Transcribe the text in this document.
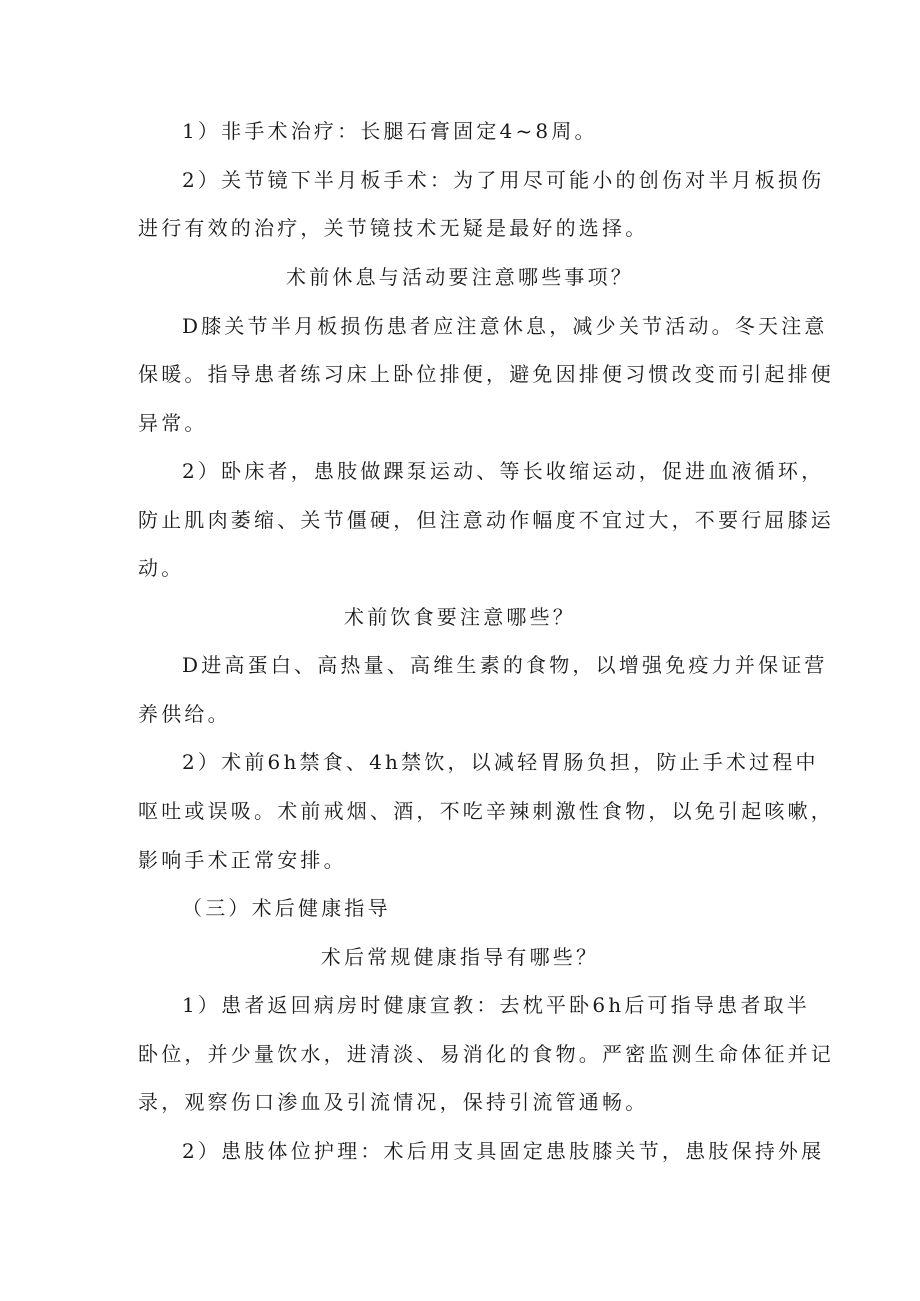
1）非手术治疗：长腿石膏固定4~8周。
2）关节镜下半月板手术：为了用尽可能小的创伤对半月板损伤
进行有效的治疗，关节镜技术无疑是最好的选择。
术前休息与活动要注意哪些事项？
D膝关节半月板损伤患者应注意休息，减少关节活动。冬天注意
保暖。指导患者练习床上卧位排便，避免因排便习惯改变而引起排便
异常。
2）卧床者，患肢做踝泵运动、等长收缩运动，促进血液循环，
防止肌肉萎缩、关节僵硬，但注意动作幅度不宜过大，不要行屈膝运
动。
术前饮食要注意哪些？
D进高蛋白、高热量、高维生素的食物，以增强免疫力并保证营
养供给。
2）术前6h禁食、4h禁饮，以减轻胃肠负担，防止手术过程中
呕吐或误吸。术前戒烟、酒，不吃辛辣刺激性食物，以免引起咳嗽，
影响手术正常安排。
（三）术后健康指导
术后常规健康指导有哪些？
1）患者返回病房时健康宣教：去枕平卧6h后可指导患者取半
卧位，并少量饮水，进清淡、易消化的食物。严密监测生命体征并记
录，观察伤口渗血及引流情况，保持引流管通畅。
2）患肢体位护理：术后用支具固定患肢膝关节，患肢保持外展
